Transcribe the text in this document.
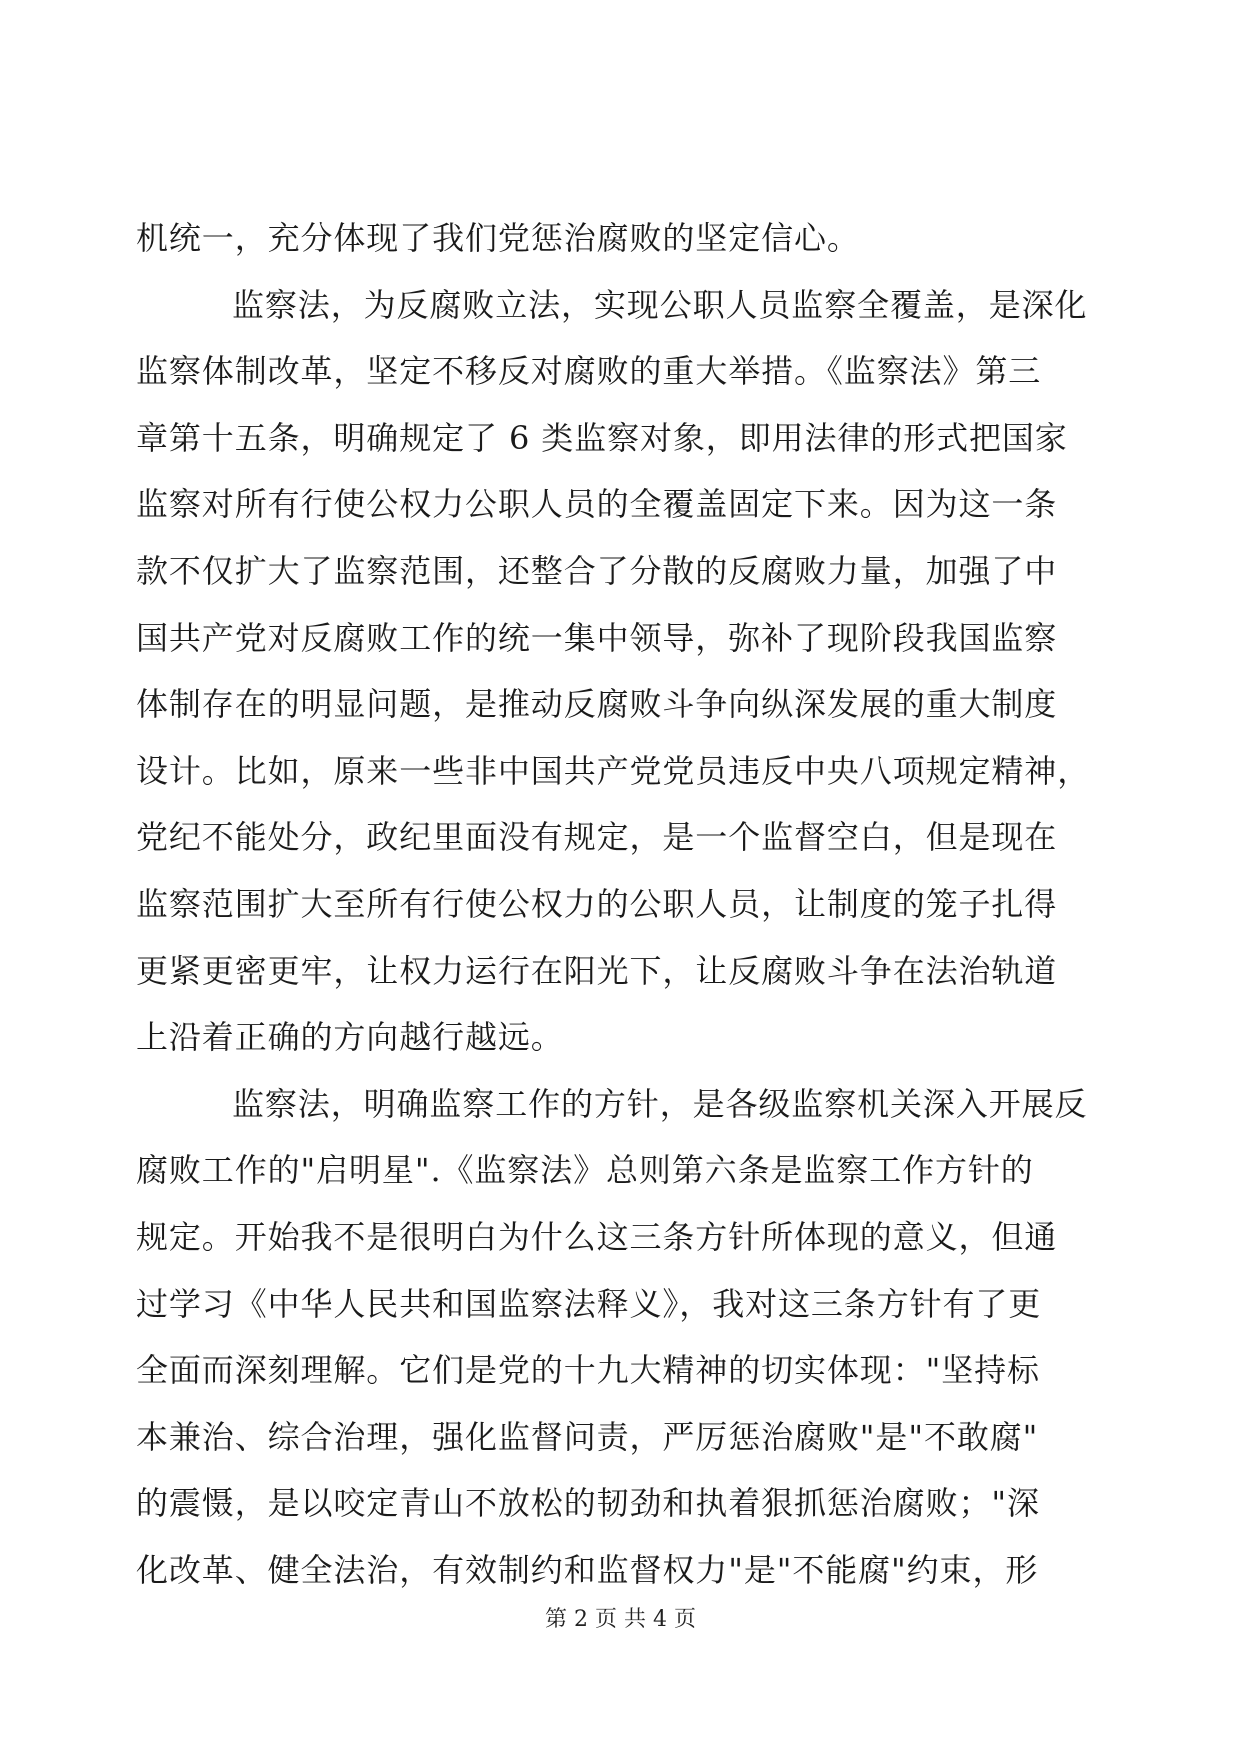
机统一，充分体现了我们党惩治腐败的坚定信心。
监察法，为反腐败立法，实现公职人员监察全覆盖，是深化
监察体制改革，坚定不移反对腐败的重大举措。《监察法》第三
章第十五条，明确规定了 6 类监察对象，即用法律的形式把国家
监察对所有行使公权力公职人员的全覆盖固定下来。因为这一条
款不仅扩大了监察范围，还整合了分散的反腐败力量，加强了中
国共产党对反腐败工作的统一集中领导，弥补了现阶段我国监察
体制存在的明显问题，是推动反腐败斗争向纵深发展的重大制度
设计。比如，原来一些非中国共产党党员违反中央八项规定精神，
党纪不能处分，政纪里面没有规定，是一个监督空白，但是现在
监察范围扩大至所有行使公权力的公职人员，让制度的笼子扎得
更紧更密更牢，让权力运行在阳光下，让反腐败斗争在法治轨道
上沿着正确的方向越行越远。
监察法，明确监察工作的方针，是各级监察机关深入开展反
腐败工作的"启明星".《监察法》总则第六条是监察工作方针的
规定。开始我不是很明白为什么这三条方针所体现的意义，但通
过学习《中华人民共和国监察法释义》，我对这三条方针有了更
全面而深刻理解。它们是党的十九大精神的切实体现："坚持标
本兼治、综合治理，强化监督问责，严厉惩治腐败"是"不敢腐"
的震慑，是以咬定青山不放松的韧劲和执着狠抓惩治腐败；"深
化改革、健全法治，有效制约和监督权力"是"不能腐"约束，形
第 2 页 共 4 页
